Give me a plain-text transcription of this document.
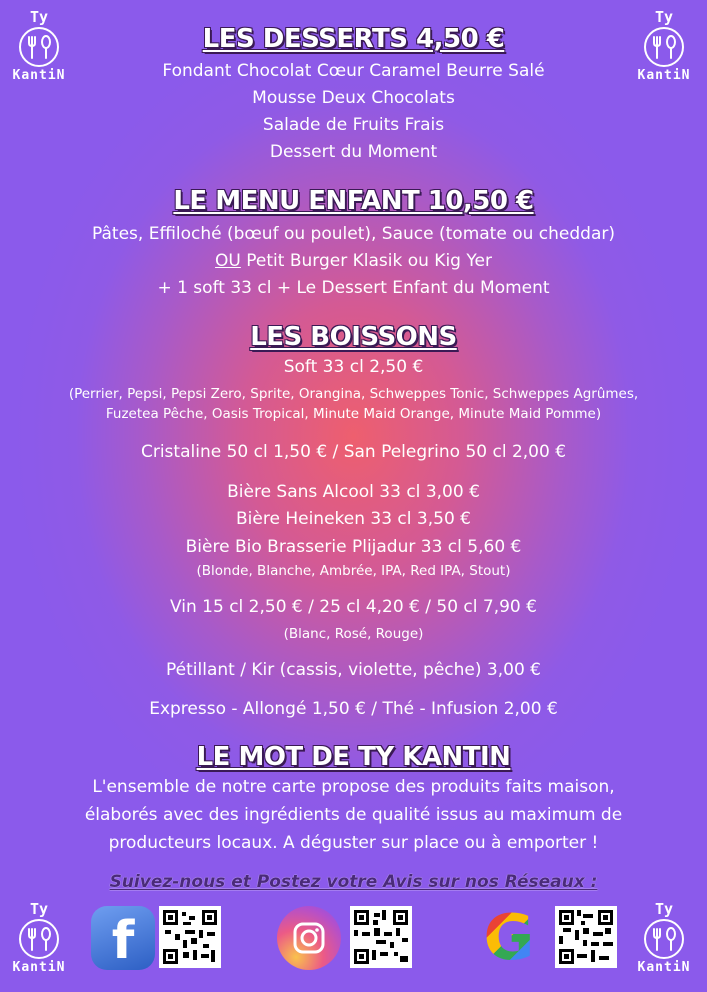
Ty
KantiN
Ty
KantiN
LES DESSERTS 4,50 €
Fondant Chocolat Cœur Caramel Beurre Salé
Mousse Deux Chocolats
Salade de Fruits Frais
Dessert du Moment
LE MENU ENFANT 10,50 €
Pâtes, Effiloché (bœuf ou poulet), Sauce (tomate ou cheddar)
OU Petit Burger Klasik ou Kig Yer
+ 1 soft 33 cl + Le Dessert Enfant du Moment
LES BOISSONS
Soft 33 cl 2,50 €
(Perrier, Pepsi, Pepsi Zero, Sprite, Orangina, Schweppes Tonic, Schweppes Agrûmes,
Fuzetea Pêche, Oasis Tropical, Minute Maid Orange, Minute Maid Pomme)
Cristaline 50 cl 1,50 € / San Pelegrino 50 cl 2,00 €
Bière Sans Alcool 33 cl 3,00 €
Bière Heineken 33 cl 3,50 €
Bière Bio Brasserie Plijadur 33 cl 5,60 €
(Blonde, Blanche, Ambrée, IPA, Red IPA, Stout)
Vin 15 cl 2,50 € / 25 cl 4,20 € / 50 cl 7,90 €
(Blanc, Rosé, Rouge)
Pétillant / Kir (cassis, violette, pêche) 3,00 €
Expresso - Allongé 1,50 € / Thé - Infusion 2,00 €
LE MOT DE TY KANTIN
L'ensemble de notre carte propose des produits faits maison,
élaborés avec des ingrédients de qualité issus au maximum de
producteurs locaux. A déguster sur place ou à emporter !
Suivez-nous et Postez votre Avis sur nos Réseaux :
Ty
KantiN
Ty
KantiN
f	G
